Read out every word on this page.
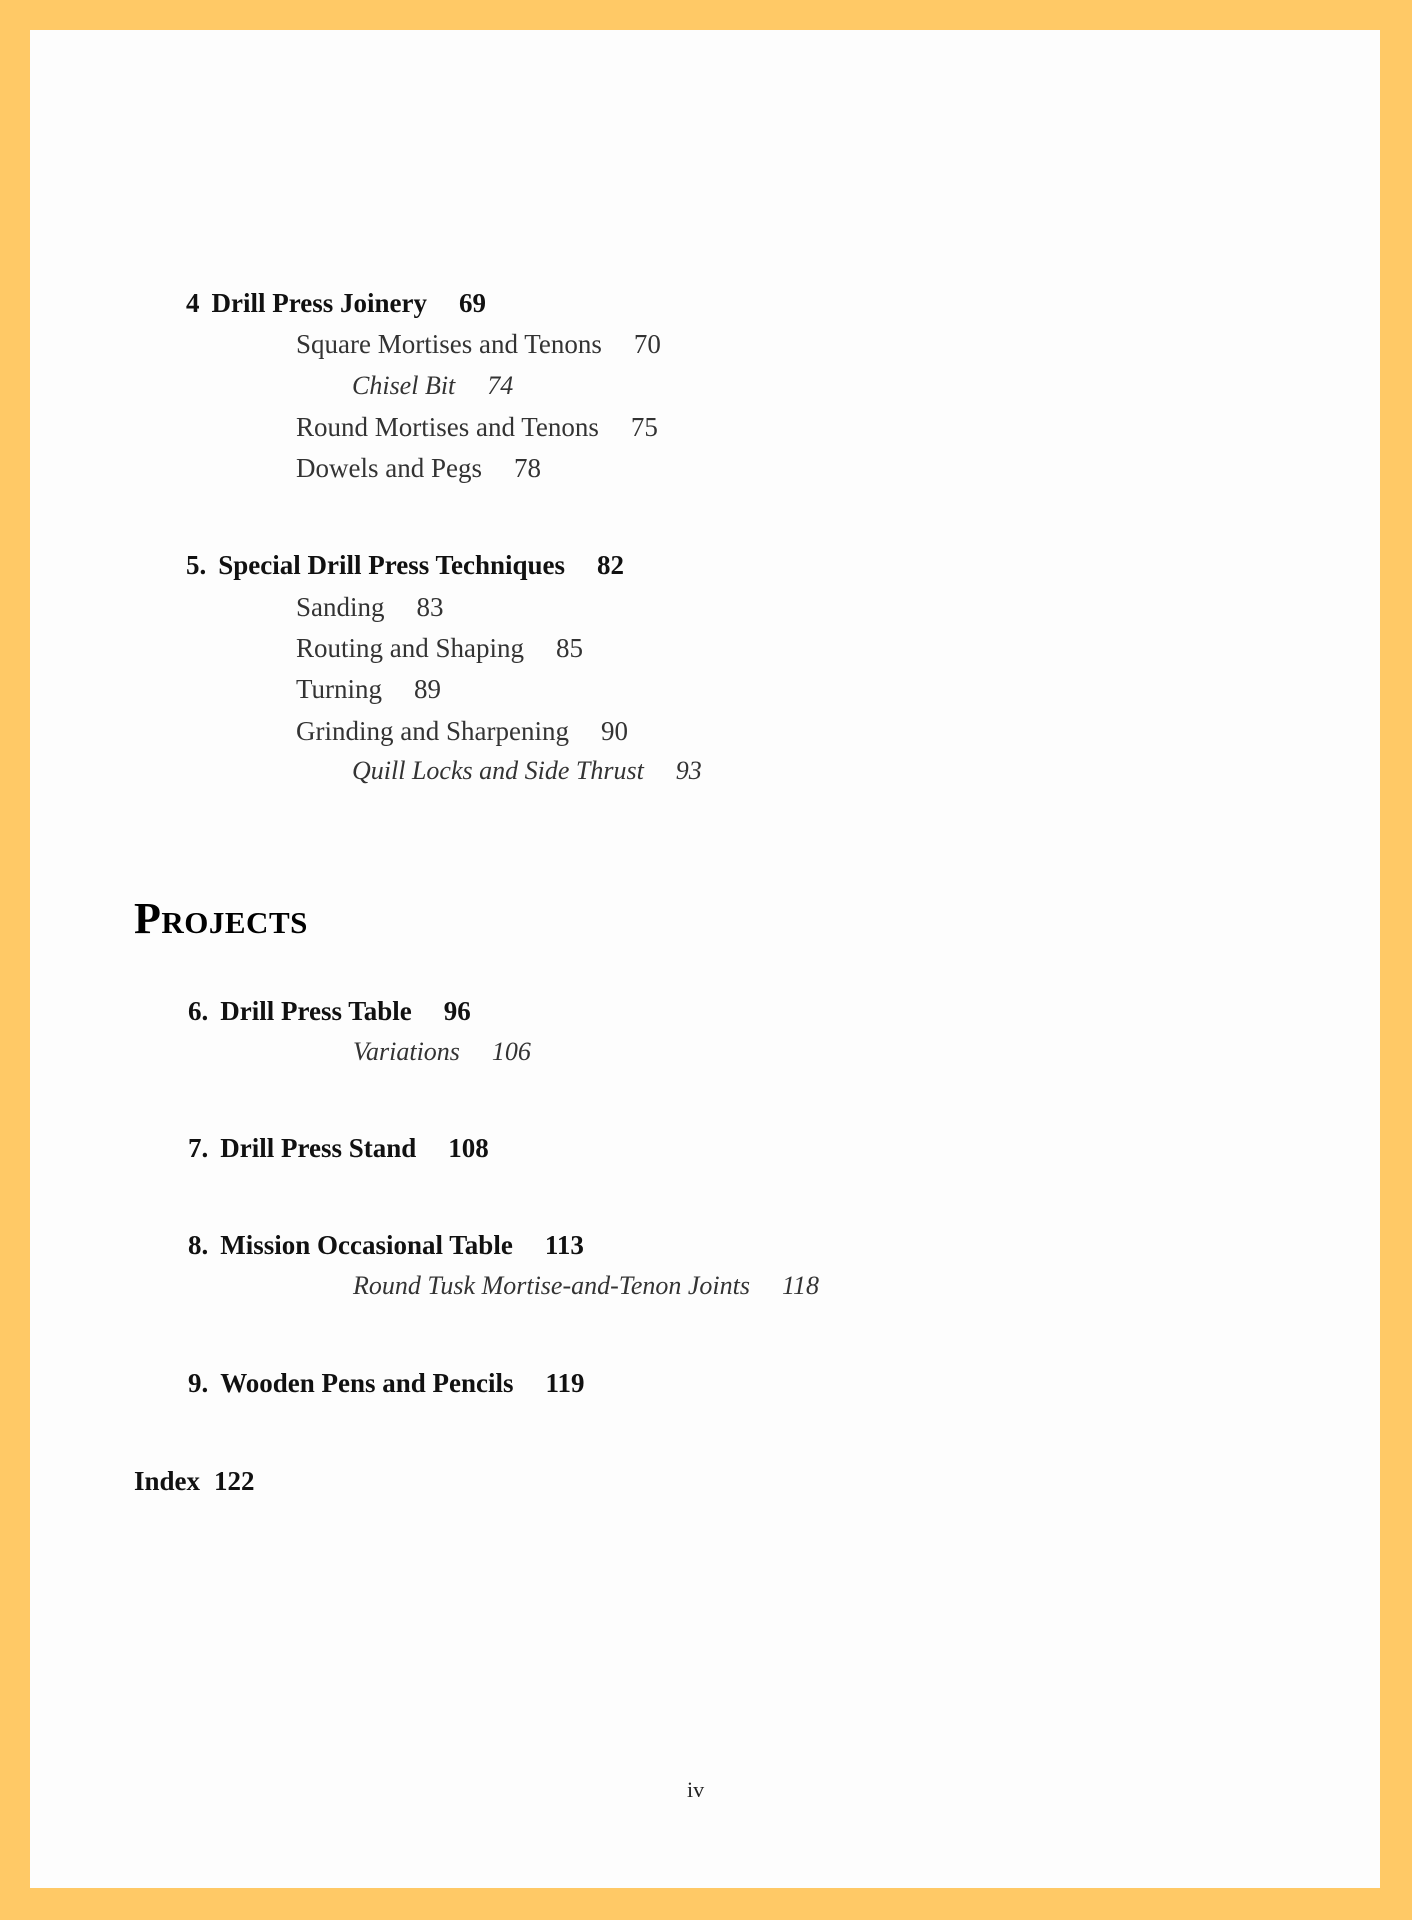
4 Drill Press Joinery 69
Square Mortises and Tenons 70
Chisel Bit 74
Round Mortises and Tenons 75
Dowels and Pegs 78
5. Special Drill Press Techniques 82
Sanding 83
Routing and Shaping 85
Turning 89
Grinding and Sharpening 90
Quill Locks and Side Thrust 93
Projects
6. Drill Press Table 96
Variations 106
7. Drill Press Stand 108
8. Mission Occasional Table 113
Round Tusk Mortise-and-Tenon Joints 118
9. Wooden Pens and Pencils 119
Index 122
iv
